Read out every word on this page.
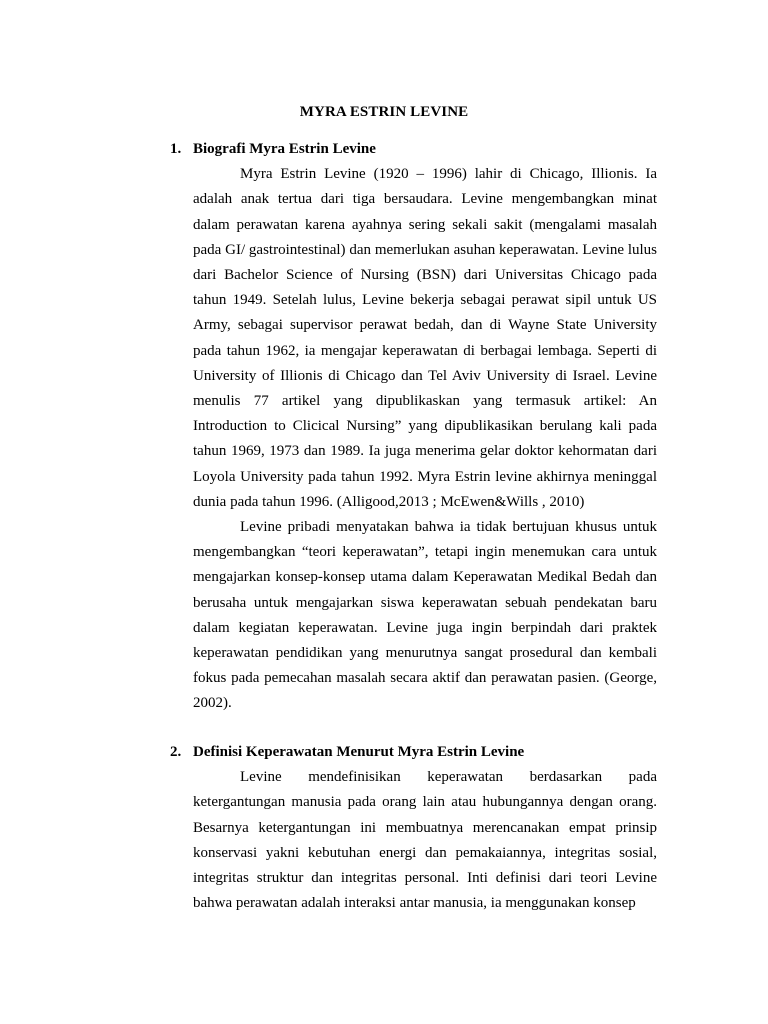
MYRA ESTRIN LEVINE
1. Biografi Myra Estrin Levine

Myra Estrin Levine (1920 – 1996) lahir di Chicago, Illionis. Ia adalah anak tertua dari tiga bersaudara. Levine mengembangkan minat dalam perawatan karena ayahnya sering sekali sakit (mengalami masalah pada GI/ gastrointestinal) dan memerlukan asuhan keperawatan. Levine lulus dari Bachelor Science of Nursing (BSN) dari Universitas Chicago pada tahun 1949. Setelah lulus, Levine bekerja sebagai perawat sipil untuk US Army, sebagai supervisor perawat bedah, dan di Wayne State University pada tahun 1962, ia mengajar keperawatan di berbagai lembaga. Seperti di University of Illionis di Chicago dan Tel Aviv University di Israel. Levine menulis 77 artikel yang dipublikaskan yang termasuk artikel: An Introduction to Clicical Nursing” yang dipublikasikan berulang kali pada tahun 1969, 1973 dan 1989. Ia juga menerima gelar doktor kehormatan dari Loyola University pada tahun 1992. Myra Estrin levine akhirnya meninggal dunia pada tahun 1996. (Alligood,2013 ; McEwen&Wills , 2010)

Levine pribadi menyatakan bahwa ia tidak bertujuan khusus untuk mengembangkan “teori keperawatan”, tetapi ingin menemukan cara untuk mengajarkan konsep-konsep utama dalam Keperawatan Medikal Bedah dan berusaha untuk mengajarkan siswa keperawatan sebuah pendekatan baru dalam kegiatan keperawatan. Levine juga ingin berpindah dari praktek keperawatan pendidikan yang menurutnya sangat prosedural dan kembali fokus pada pemecahan masalah secara aktif dan perawatan pasien. (George, 2002).

2. Definisi Keperawatan Menurut Myra Estrin Levine

Levine mendefinisikan keperawatan berdasarkan pada ketergantungan manusia pada orang lain atau hubungannya dengan orang. Besarnya ketergantungan ini membuatnya merencanakan empat prinsip konservasi yakni kebutuhan energi dan pemakaiannya, integritas sosial, integritas struktur dan integritas personal. Inti definisi dari teori Levine bahwa perawatan adalah interaksi antar manusia, ia menggunakan konsep
